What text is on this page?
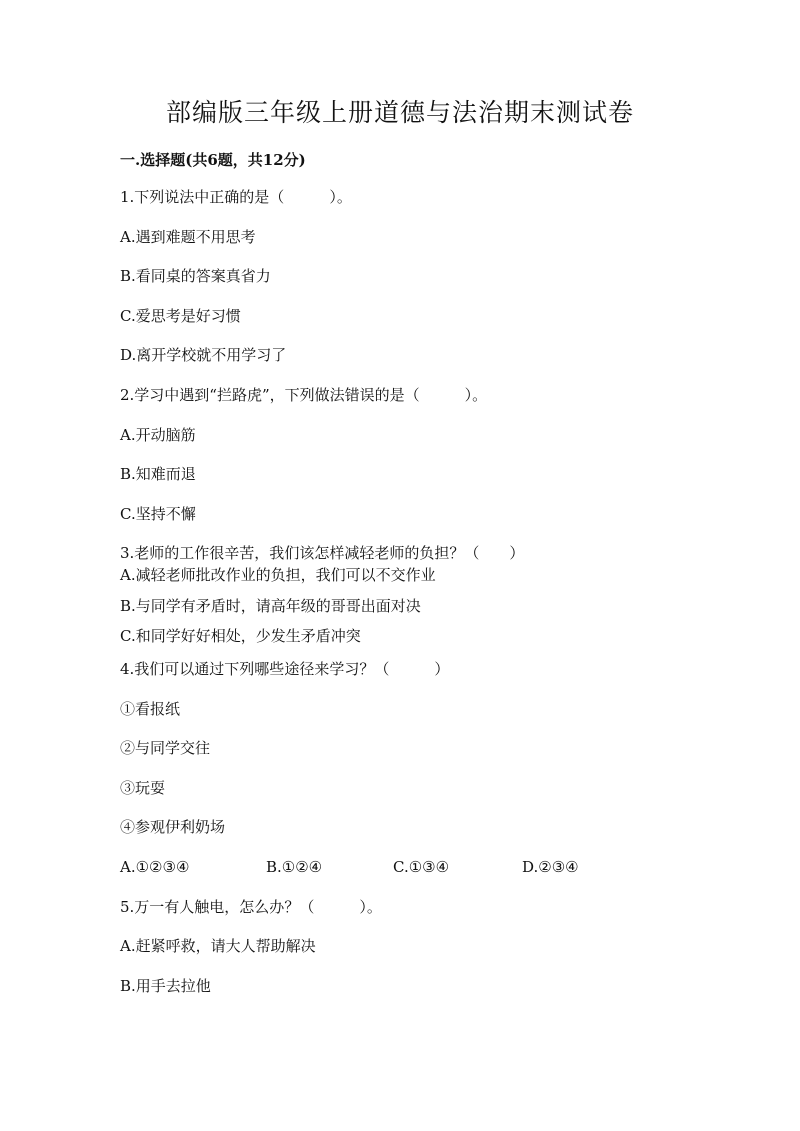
部编版三年级上册道德与法治期末测试卷

一.选择题(共6题，共12分)

1.下列说法中正确的是（　　　）。

A.遇到难题不用思考

B.看同桌的答案真省力

C.爱思考是好习惯

D.离开学校就不用学习了

2.学习中遇到“拦路虎”，下列做法错误的是（　　　）。

A.开动脑筋

B.知难而退

C.坚持不懈

3.老师的工作很辛苦，我们该怎样减轻老师的负担？（　　）

A.减轻老师批改作业的负担，我们可以不交作业

B.与同学有矛盾时，请高年级的哥哥出面对决

C.和同学好好相处，少发生矛盾冲突

4.我们可以通过下列哪些途径来学习？（　　　）

①看报纸

②与同学交往

③玩耍

④参观伊利奶场

A.①②③④	B.①②④	C.①③④	D.②③④

5.万一有人触电，怎么办？（　　　）。

A.赶紧呼救，请大人帮助解决

B.用手去拉他
